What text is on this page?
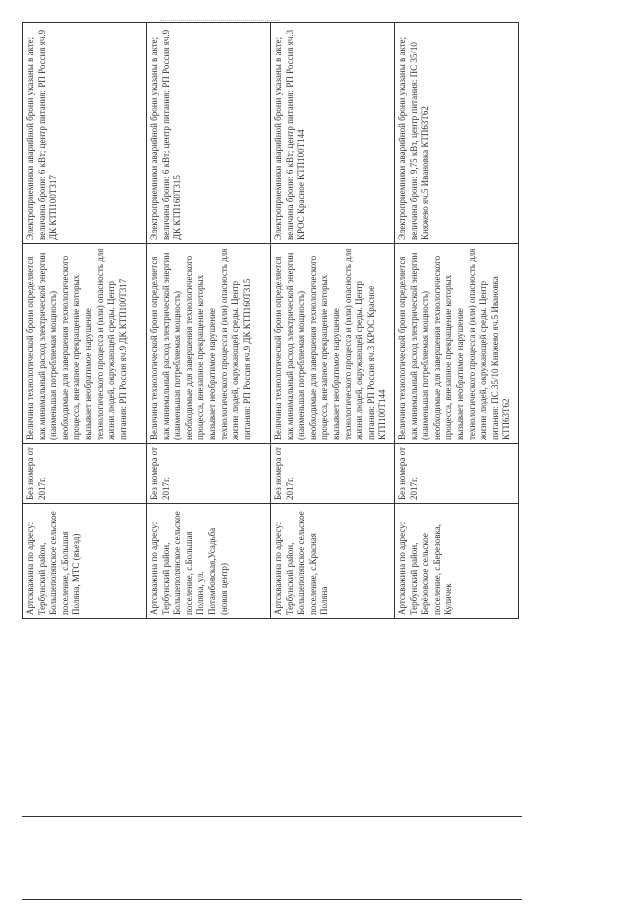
Артскважина по адресу: Тербунский район, Большеполянское сельское поселение, с.Большая Поляна, МТС (въезд)	Без номера от 2017г.	Величина технологической брони определяется как минимальный расход электрической энергии (наименьшая потребляемая мощность) необходимые для завершения технологического процесса, внезапное прекращение которых вызывает необратимое нарушение технологического процесса и (или) опасность для жизни людей, окружающей среды. Центр питания: РП Россия яч.9 ДК КТП100Т317	Электроприемники аварийной брони указаны в акте; величина брони: 6 кВт; центр питания: РП Россия яч.9 ДК КТП100Т317
Артскважина по адресу: Тербунский район, Большеполянское сельское поселение, с.Большая Поляна, ул. Потамбовская,Усадьба (новая центр)	Без номера от 2017г.	Величина технологической брони определяется как минимальный расход электрической энергии (наименьшая потребляемая мощность) необходимые для завершения технологического процесса, внезапное прекращение которых вызывает необратимое нарушение технологического процесса и (или) опасность для жизни людей, окружающей среды. Центр питания: РП Россия яч.9 ДК КТП160Т315	Электроприемники аварийной брони указаны в акте; величина брони: 6 кВт; центр питания: РП Россия яч.9 ДК КТП160Т315
Артскважина по адресу: Тербунский район, Большеполянское сельское поселение, с.Красная Поляна	Без номера от 2017г.	Величина технологической брони определяется как минимальный расход электрической энергии (наименьшая потребляемая мощность) необходимые для завершения технологического процесса, внезапное прекращение которых вызывает необратимое нарушение технологического процесса и (или) опасность для жизни людей, окружающей среды. Центр питания: РП Россия яч.3 КРОС Красное КТП100Т144	Электроприемники аварийной брони указаны в акте; величина брони: 6 кВт; центр питания: РП Россия яч.3 КРОС Красное КТП100Т144
Артскважина по адресу: Тербунский район, Берёзовское сельское поселение, с.Березовка, Куличек	Без номера от 2017г.	Величина технологической брони определяется как минимальный расход электрической энергии (наименьшая потребляемая мощность) необходимые для завершения технологического процесса, внезапное прекращение которых вызывает необратимое нарушение технологического процесса и (или) опасность для жизни людей, окружающей среды. Центр питания: ПС 35/10 Княжево яч.5 Ивановка КТП63Т62	Электроприемники аварийной брони указаны в акте; величина брони: 9,75 кВт, центр питания: ПС 35/10 Княжево яч.5 Ивановка КТП63Т62
